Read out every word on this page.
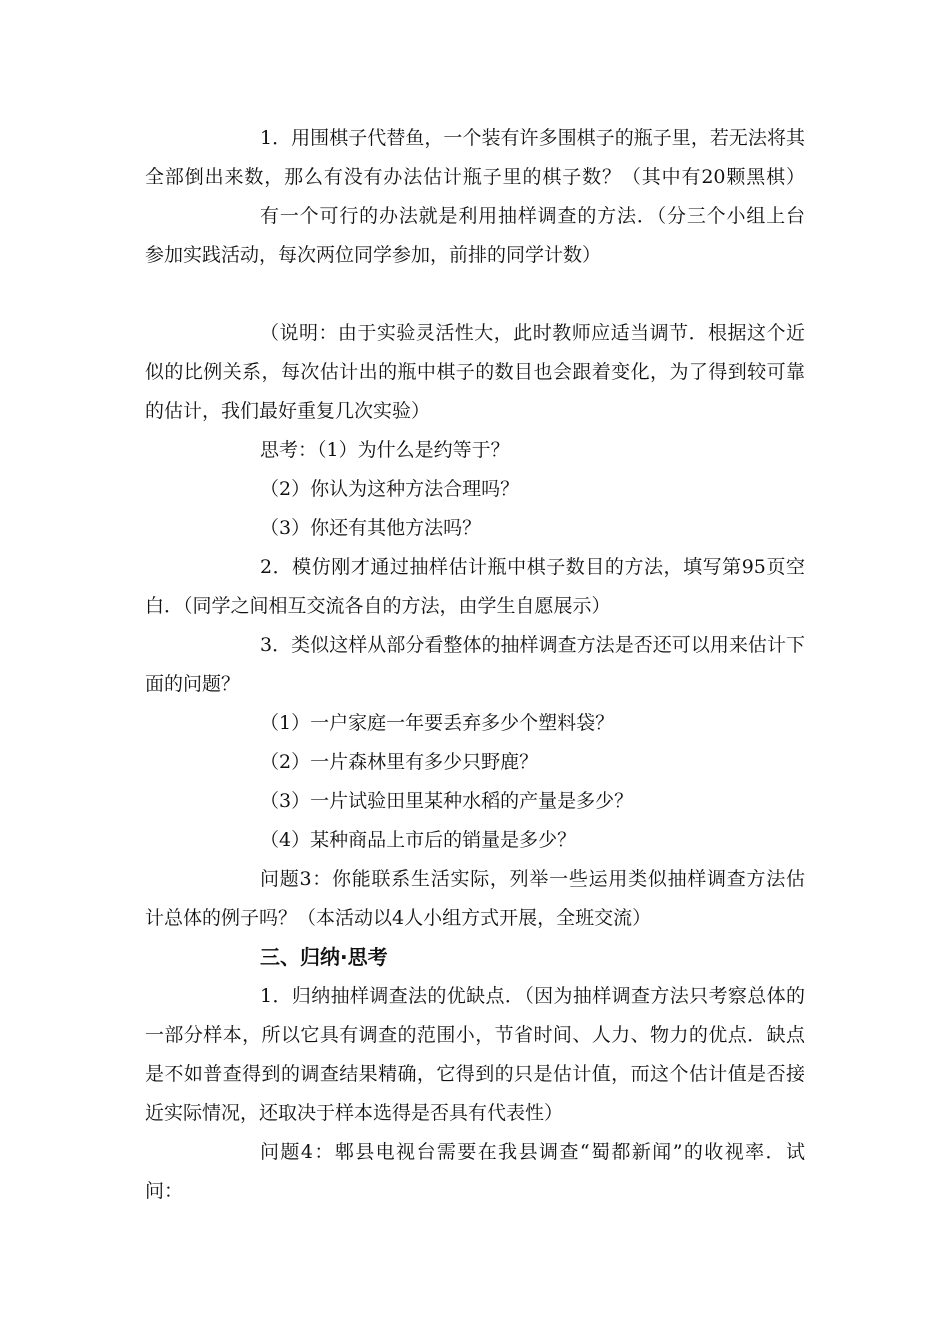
1．用围棋子代替鱼，一个装有许多围棋子的瓶子里，若无法将其
全部倒出来数，那么有没有办法估计瓶子里的棋子数？（其中有20颗黑棋）
有一个可行的办法就是利用抽样调查的方法．（分三个小组上台
参加实践活动，每次两位同学参加，前排的同学计数）
（说明：由于实验灵活性大，此时教师应适当调节．根据这个近
似的比例关系，每次估计出的瓶中棋子的数目也会跟着变化，为了得到较可靠
的估计，我们最好重复几次实验）
思考：（1）为什么是约等于？
（2）你认为这种方法合理吗？
（3）你还有其他方法吗？
2．模仿刚才通过抽样估计瓶中棋子数目的方法，填写第95页空
白．（同学之间相互交流各自的方法，由学生自愿展示）
3．类似这样从部分看整体的抽样调查方法是否还可以用来估计下
面的问题？
（1）一户家庭一年要丢弃多少个塑料袋？
（2）一片森林里有多少只野鹿？
（3）一片试验田里某种水稻的产量是多少？
（4）某种商品上市后的销量是多少？
问题3：你能联系生活实际，列举一些运用类似抽样调查方法估
计总体的例子吗？（本活动以4人小组方式开展，全班交流）
三、归纳·思考
1．归纳抽样调查法的优缺点．（因为抽样调查方法只考察总体的
一部分样本，所以它具有调查的范围小，节省时间、人力、物力的优点．缺点
是不如普查得到的调查结果精确，它得到的只是估计值，而这个估计值是否接
近实际情况，还取决于样本选得是否具有代表性）
问题4：郫县电视台需要在我县调查“蜀都新闻”的收视率．试
问：
